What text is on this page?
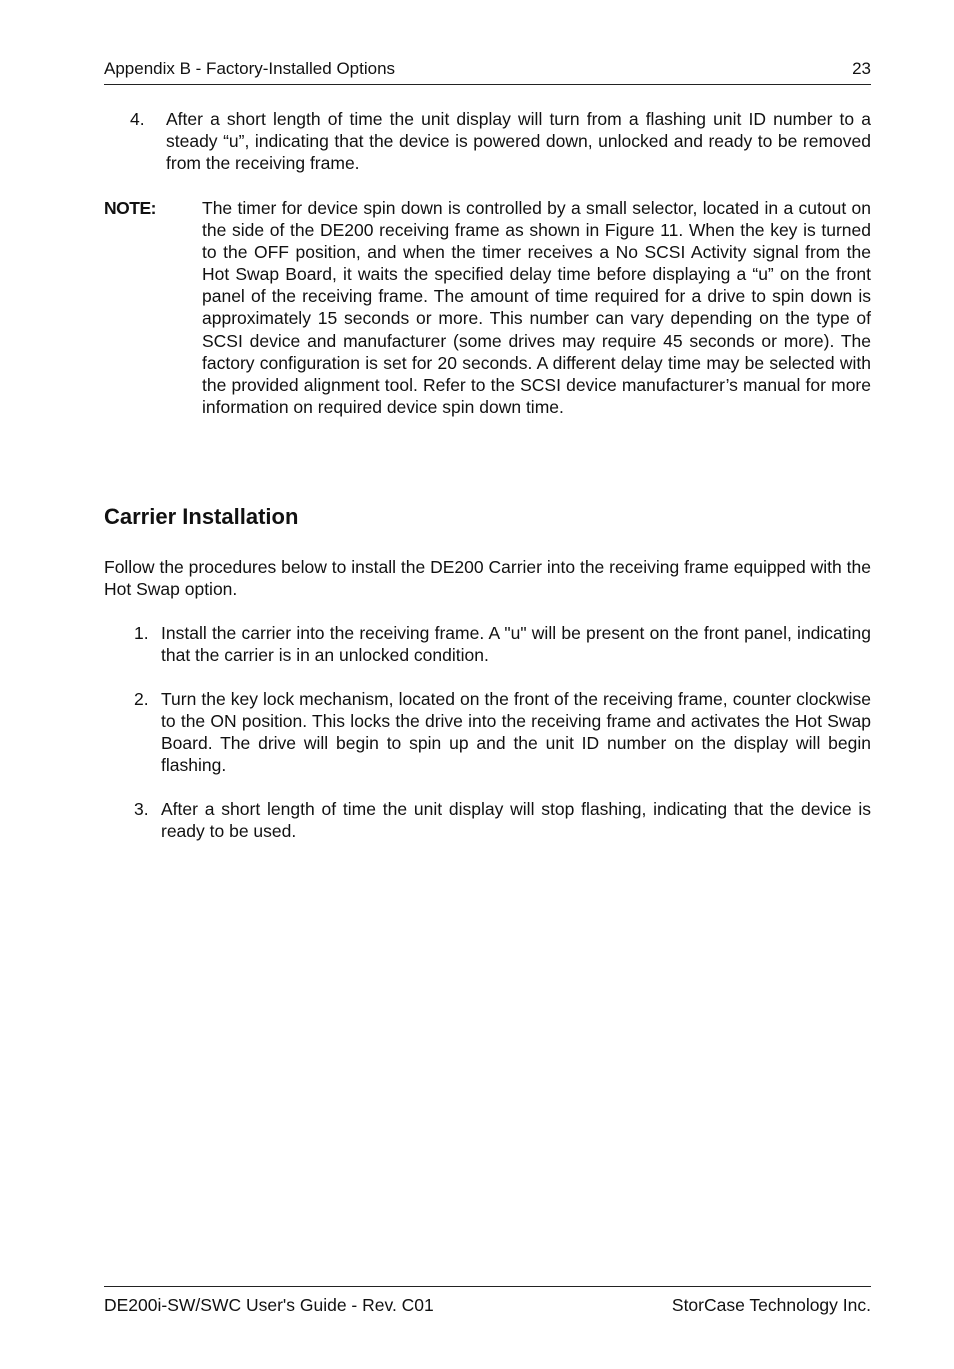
Appendix B - Factory-Installed Options	23
4. After a short length of time the unit display will turn from a flashing unit ID number to a steady “u”, indicating that the device is powered down, unlocked and ready to be removed from the receiving frame.
NOTE:	The timer for device spin down is controlled by a small selector, located in a cutout on the side of the DE200 receiving frame as shown in Figure 11. When the key is turned to the OFF position, and when the timer receives a No SCSI Activity signal from the Hot Swap Board, it waits the specified delay time before displaying a “u” on the front panel of the receiving frame. The amount of time required for a drive to spin down is approximately 15 seconds or more. This number can vary depending on the type of SCSI device and manufacturer (some drives may require 45 seconds or more). The factory configuration is set for 20 seconds. A different delay time may be selected with the provided alignment tool. Refer to the SCSI device manufacturer’s manual for more information on required device spin down time.
Carrier Installation

Follow the procedures below to install the DE200 Carrier into the receiving frame equipped with the Hot Swap option.

1. Install the carrier into the receiving frame. A "u" will be present on the front panel, indicating that the carrier is in an unlocked condition.
2. Turn the key lock mechanism, located on the front of the receiving frame, counter clockwise to the ON position. This locks the drive into the receiving frame and activates the Hot Swap Board. The drive will begin to spin up and the unit ID number on the display will begin flashing.
3. After a short length of time the unit display will stop flashing, indicating that the device is ready to be used.
DE200i-SW/SWC User's Guide - Rev. C01	StorCase Technology Inc.
